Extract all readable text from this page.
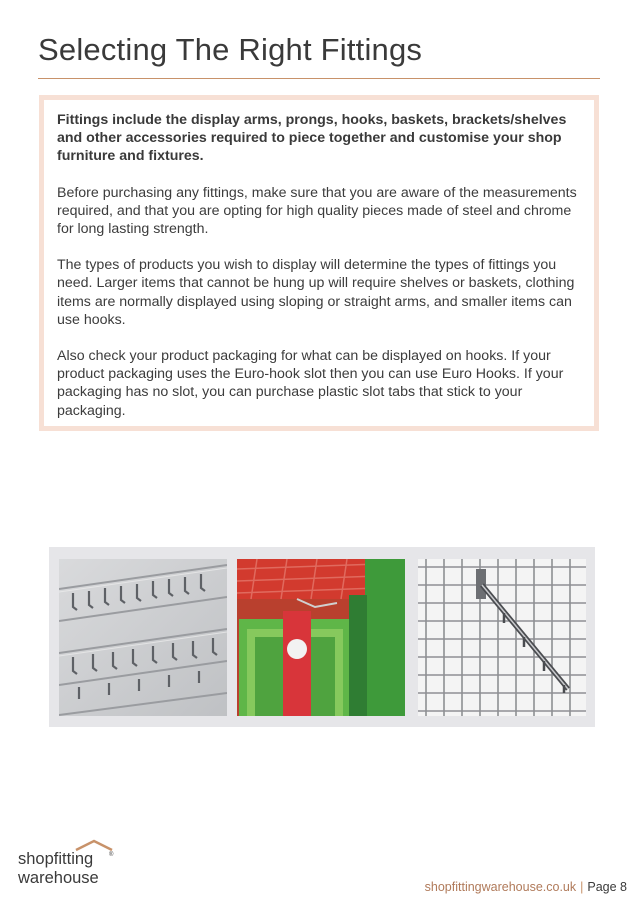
Selecting The Right Fittings

Fittings include the display arms, prongs, hooks, baskets, brackets/shelves and other accessories required to piece together and customise your shop furniture and fixtures.

Before purchasing any fittings, make sure that you are aware of the measurements required, and that you are opting for high quality pieces made of steel and chrome for long lasting strength.

The types of products you wish to display will determine the types of fittings you need. Larger items that cannot be hung up will require shelves or baskets, clothing items are normally displayed using sloping or straight arms, and smaller items can use hooks.

Also check your product packaging for what can be displayed on hooks. If your product packaging uses the Euro-hook slot then you can use Euro Hooks. If your packaging has no slot, you can purchase plastic slot tabs that stick to your packaging.

shopfitting	®
warehouse	shopfittingwarehouse.co.uk | Page 8
